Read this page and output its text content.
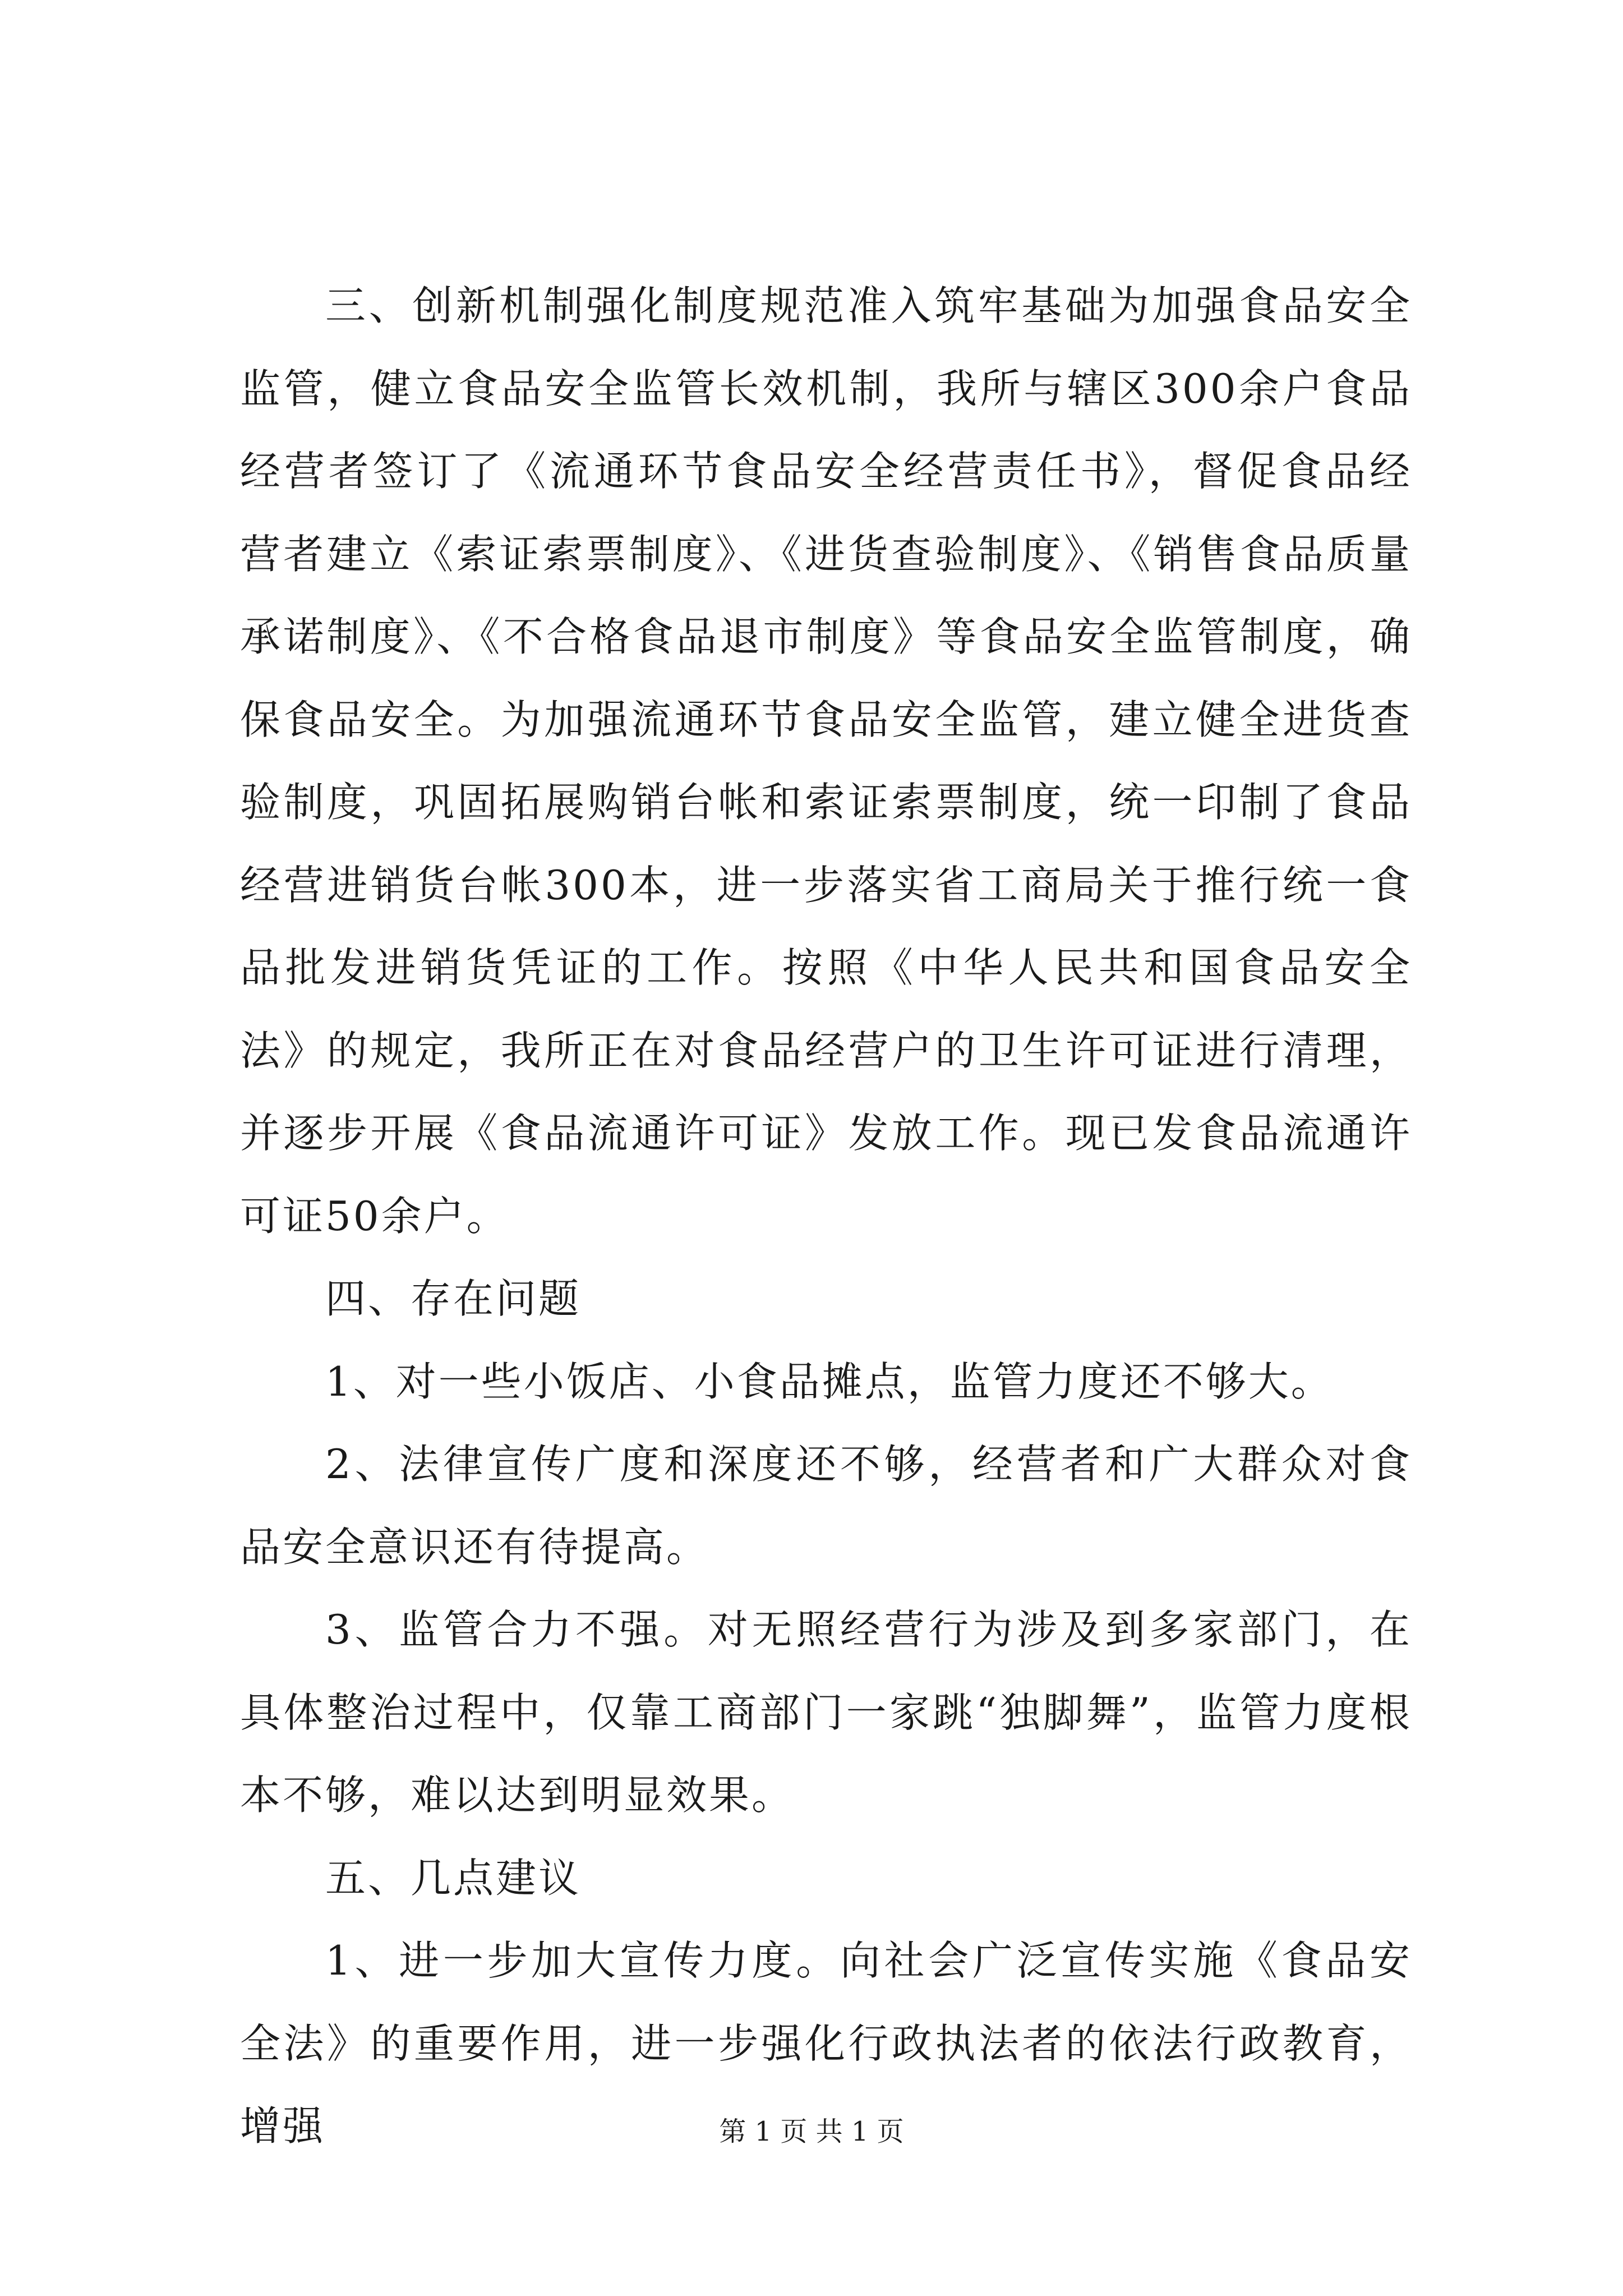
三、创新机制强化制度规范准入筑牢基础为加强食品安全监管，健立食品安全监管长效机制，我所与辖区300余户食品经营者签订了《流通环节食品安全经营责任书》，督促食品经营者建立《索证索票制度》、《进货查验制度》、《销售食品质量承诺制度》、《不合格食品退市制度》等食品安全监管制度，确保食品安全。为加强流通环节食品安全监管，建立健全进货查验制度，巩固拓展购销台帐和索证索票制度，统一印制了食品经营进销货台帐300本，进一步落实省工商局关于推行统一食品批发进销货凭证的工作。按照《中华人民共和国食品安全法》的规定，我所正在对食品经营户的卫生许可证进行清理，并逐步开展《食品流通许可证》发放工作。现已发食品流通许可证50余户。

四、存在问题

1、对一些小饭店、小食品摊点，监管力度还不够大。

2、法律宣传广度和深度还不够，经营者和广大群众对食品安全意识还有待提高。

3、监管合力不强。对无照经营行为涉及到多家部门，在具体整治过程中，仅靠工商部门一家跳“独脚舞”，监管力度根本不够，难以达到明显效果。

五、几点建议

1、进一步加大宣传力度。向社会广泛宣传实施《食品安全法》的重要作用，进一步强化行政执法者的依法行政教育，增强	第 1 页 共 1 页
